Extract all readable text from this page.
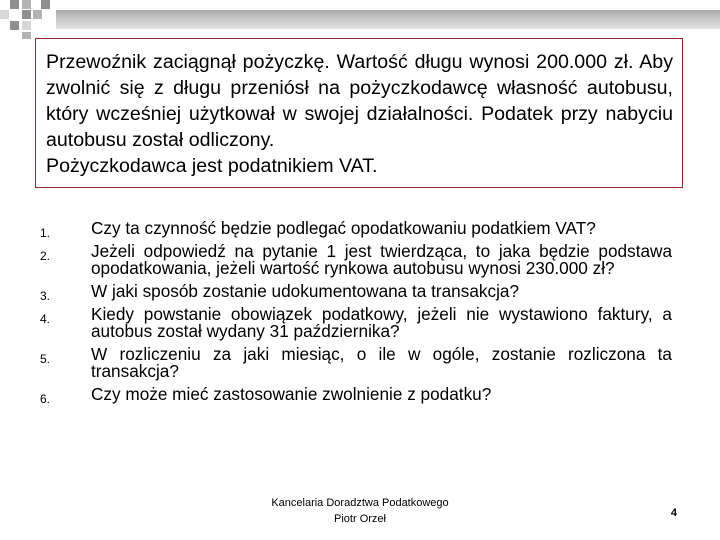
Przewoźnik zaciągnął pożyczkę. Wartość długu wynosi 200.000 zł. Aby zwolnić się z długu przeniósł na pożyczkodawcę własność autobusu, który wcześniej użytkował w swojej działalności. Podatek przy nabyciu autobusu został odliczony.
Pożyczkodawca jest podatnikiem VAT.

1. Czy ta czynność będzie podlegać opodatkowaniu podatkiem VAT?
2. Jeżeli odpowiedź na pytanie 1 jest twierdząca, to jaka będzie podstawa opodatkowania, jeżeli wartość rynkowa autobusu wynosi 230.000 zł?
3. W jaki sposób zostanie udokumentowana ta transakcja?
4. Kiedy powstanie obowiązek podatkowy, jeżeli nie wystawiono faktury, a autobus został wydany 31 października?
5. W rozliczeniu za jaki miesiąc, o ile w ogóle, zostanie rozliczona ta transakcja?
6. Czy może mieć zastosowanie zwolnienie z podatku?
Kancelaria Doradztwa Podatkowego
Piotr Orzeł	4
